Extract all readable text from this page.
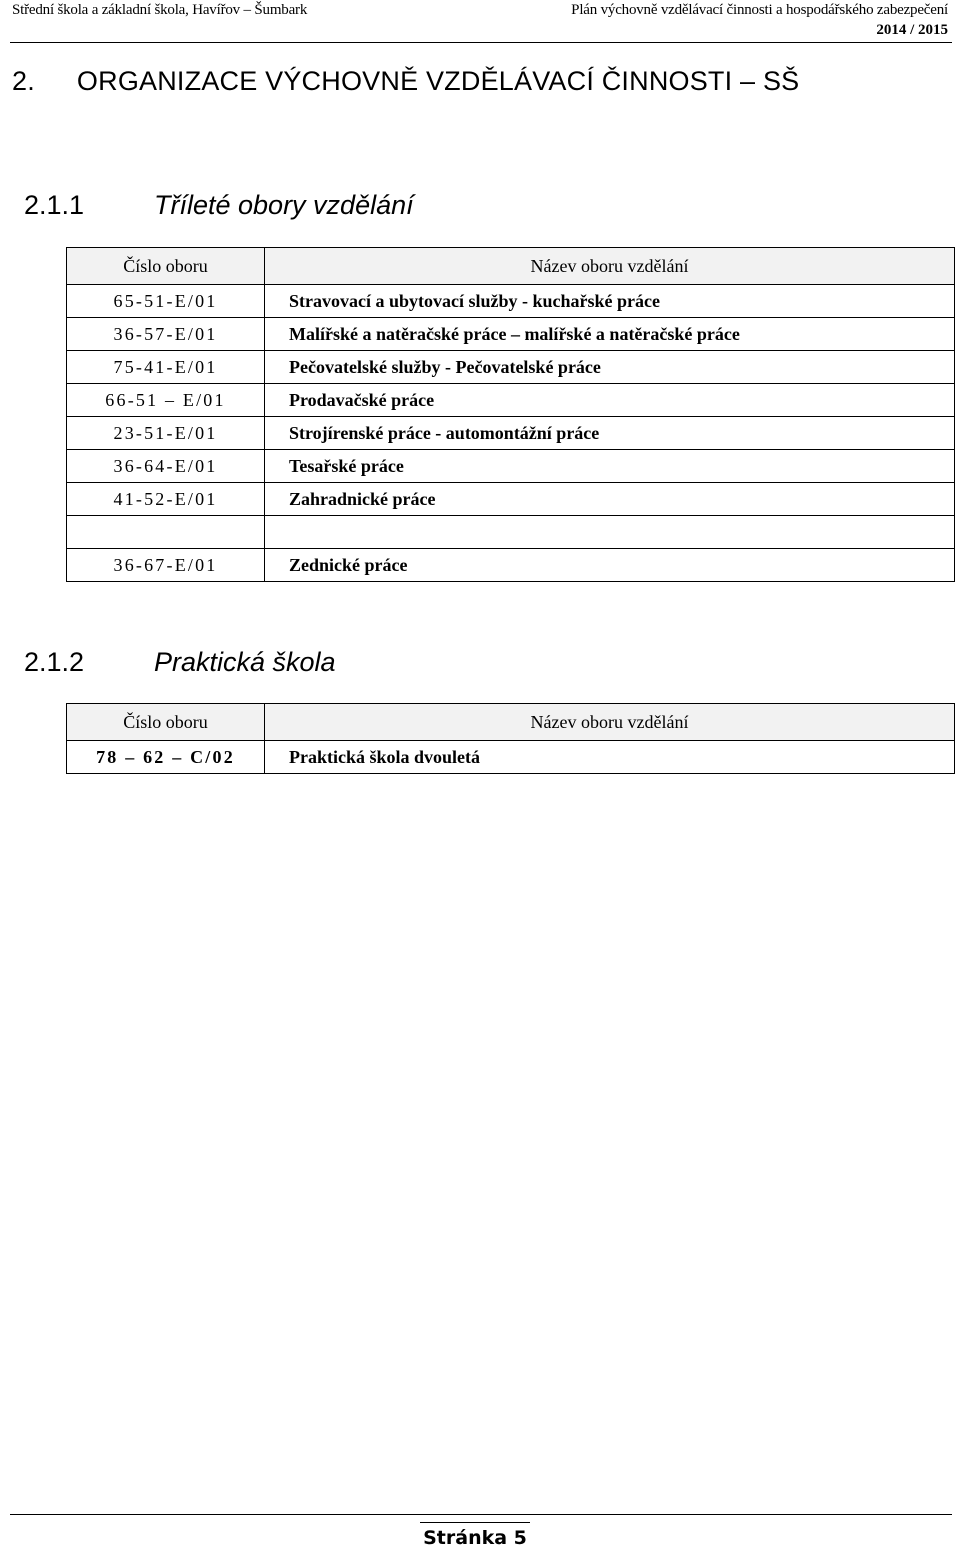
Střední škola a základní škola, Havířov – Šumbark	Plán výchovně vzdělávací činnosti a hospodářského zabezpečení
2014 / 2015
2. ORGANIZACE VÝCHOVNĚ VZDĚLÁVACÍ ČINNOSTI – SŠ
2.1.1	Tříleté obory vzdělání
Číslo oboru	Název oboru vzdělání
65-51-E/01	Stravovací a ubytovací služby - kuchařské práce
36-57-E/01	Malířské a natěračské práce – malířské a natěračské práce
75-41-E/01	Pečovatelské služby - Pečovatelské práce
66-51 – E/01	Prodavačské práce
23-51-E/01	Strojírenské práce - automontážní práce
36-64-E/01	Tesařské práce
41-52-E/01	Zahradnické práce

36-67-E/01	Zednické práce
2.1.2	Praktická škola
Číslo oboru	Název oboru vzdělání
78 – 62 – C/02	Praktická škola dvouletá
Stránka 5
